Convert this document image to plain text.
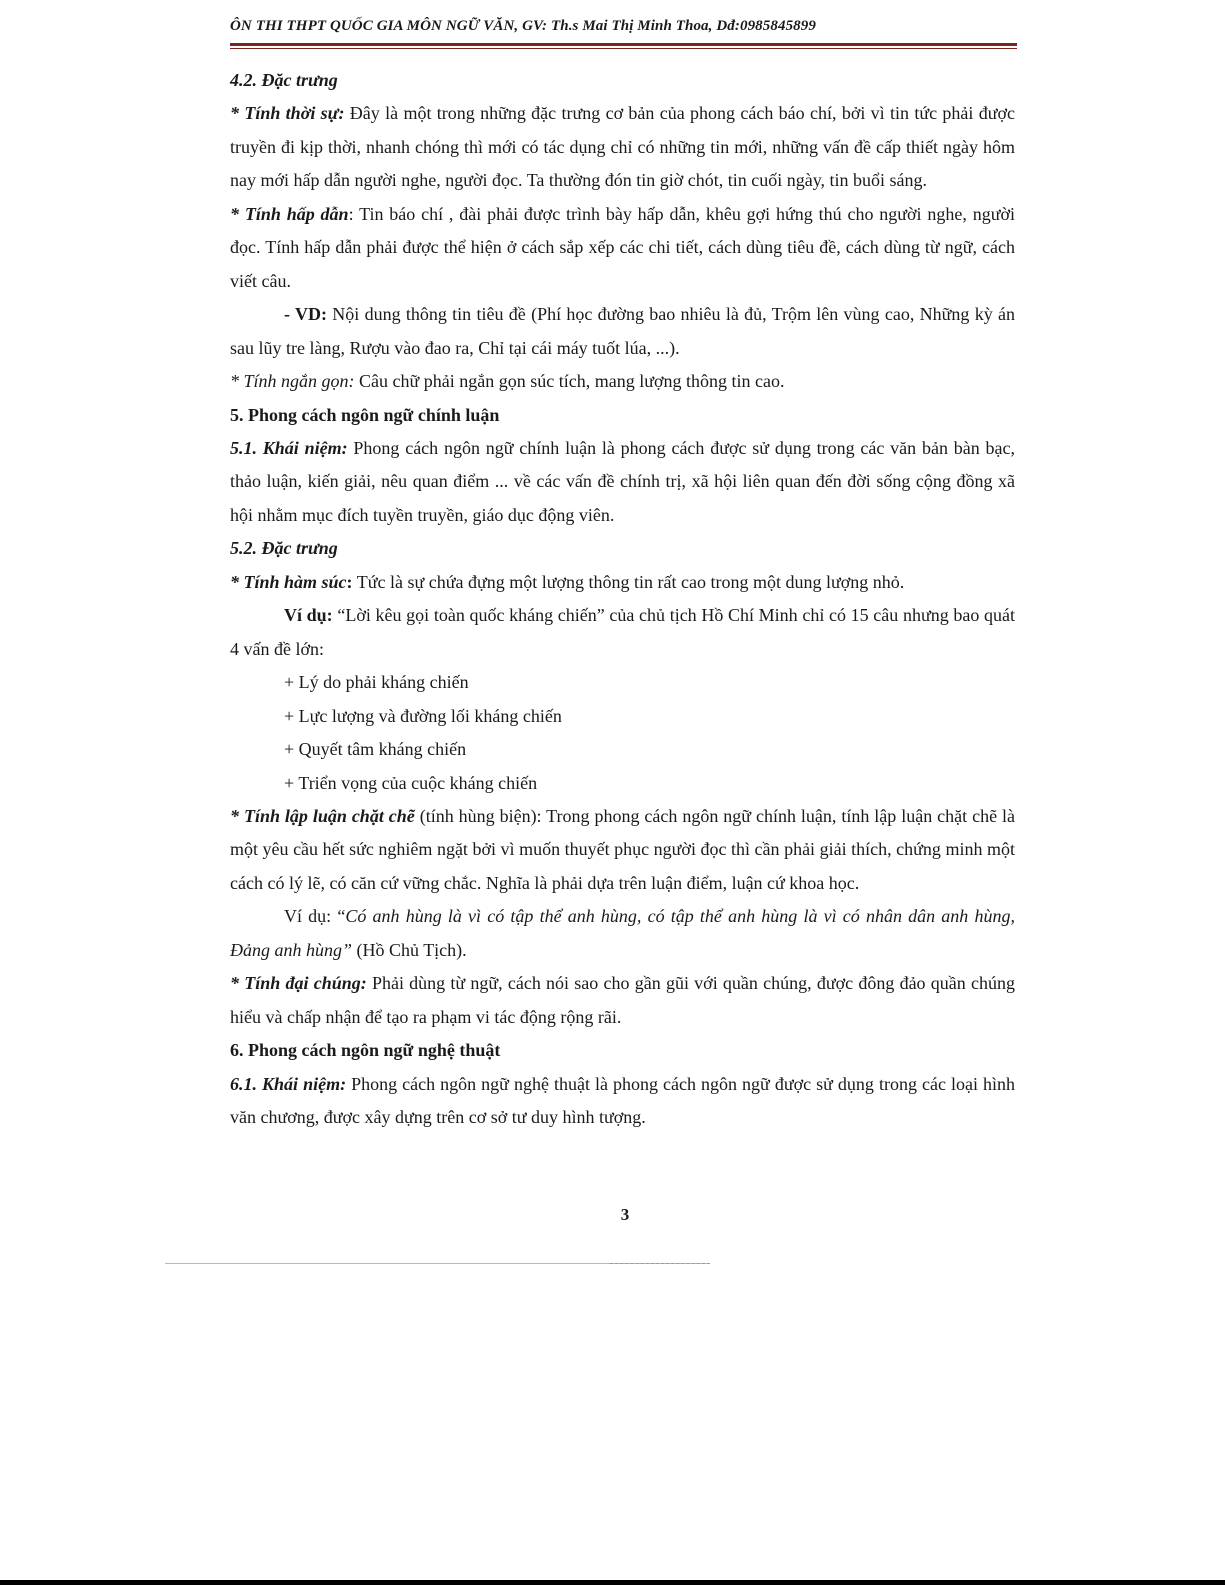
ÔN THI THPT QUỐC GIA MÔN NGỮ VĂN, GV: Th.s Mai Thị Minh Thoa, Dđ:0985845899

4.2. Đặc trưng

* Tính thời sự: Đây là một trong những đặc trưng cơ bản của phong cách báo chí, bởi vì tin tức phải được truyền đi kịp thời, nhanh chóng thì mới có tác dụng chỉ có những tin mới, những vấn đề cấp thiết ngày hôm nay mới hấp dẫn người nghe, người đọc. Ta thường đón tin giờ chót, tin cuối ngày, tin buổi sáng.

* Tính hấp dẫn: Tin báo chí , đài phải được trình bày hấp dẫn, khêu gợi hứng thú cho người nghe, người đọc. Tính hấp dẫn phải được thể hiện ở cách sắp xếp các chi tiết, cách dùng tiêu đề, cách dùng từ ngữ, cách viết câu.

- VD: Nội dung thông tin tiêu đề (Phí học đường bao nhiêu là đủ, Trộm lên vùng cao, Những kỳ án sau lũy tre làng, Rượu vào đao ra, Chỉ tại cái máy tuốt lúa, ...).

* Tính ngắn gọn: Câu chữ phải ngắn gọn súc tích, mang lượng thông tin cao.

5. Phong cách ngôn ngữ chính luận

5.1. Khái niệm: Phong cách ngôn ngữ chính luận là phong cách được sử dụng trong các văn bản bàn bạc, thảo luận, kiến giải, nêu quan điểm ... về các vấn đề chính trị, xã hội liên quan đến đời sống cộng đồng xã hội nhằm mục đích tuyền truyền, giáo dục động viên.

5.2. Đặc trưng

* Tính hàm súc: Tức là sự chứa đựng một lượng thông tin rất cao trong một dung lượng nhỏ.

Ví dụ: “Lời kêu gọi toàn quốc kháng chiến” của chủ tịch Hồ Chí Minh chỉ có 15 câu nhưng bao quát 4 vấn đề lớn:

+ Lý do phải kháng chiến

+ Lực lượng và đường lối kháng chiến

+ Quyết tâm kháng chiến

+ Triển vọng của cuộc kháng chiến

* Tính lập luận chặt chẽ (tính hùng biện): Trong phong cách ngôn ngữ chính luận, tính lập luận chặt chẽ là một yêu cầu hết sức nghiêm ngặt bởi vì muốn thuyết phục người đọc thì cần phải giải thích, chứng minh một cách có lý lẽ, có căn cứ vững chắc. Nghĩa là phải dựa trên luận điểm, luận cứ khoa học.

Ví dụ: “Có anh hùng là vì có tập thể anh hùng, có tập thể anh hùng là vì có nhân dân anh hùng, Đảng anh hùng” (Hồ Chủ Tịch).

* Tính đại chúng: Phải dùng từ ngữ, cách nói sao cho gần gũi với quần chúng, được đông đảo quần chúng hiểu và chấp nhận để tạo ra phạm vi tác động rộng rãi.

6. Phong cách ngôn ngữ nghệ thuật

6.1. Khái niệm: Phong cách ngôn ngữ nghệ thuật là phong cách ngôn ngữ được sử dụng trong các loại hình văn chương, được xây dựng trên cơ sở tư duy hình tượng.

3
